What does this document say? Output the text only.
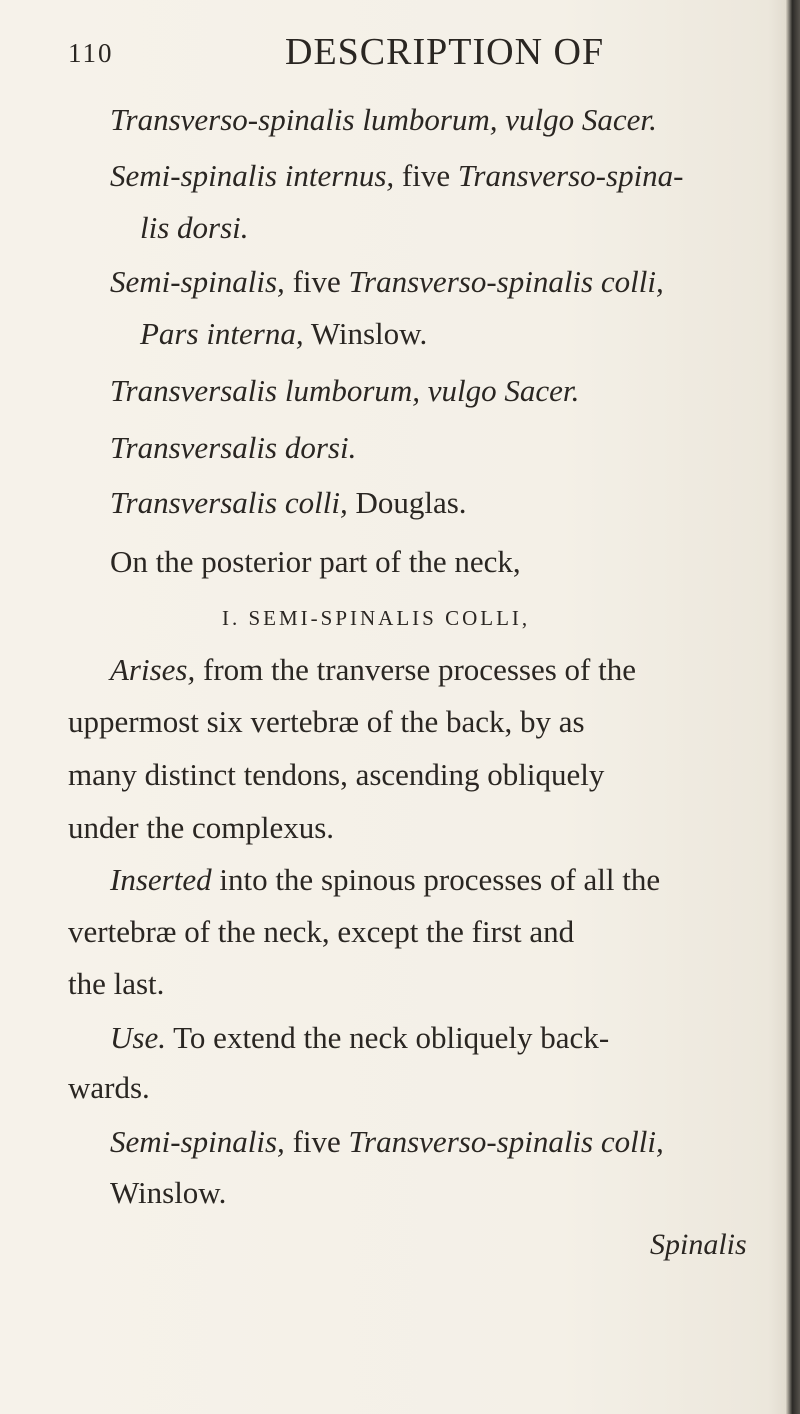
110	DESCRIPTION OF
Transverso-spinalis lumborum, vulgo Sacer.
Semi-spinalis internus, five Transverso-spina-
lis dorsi.
Semi-spinalis, five Transverso-spinalis colli,
Pars interna, Winslow.
Transversalis lumborum, vulgo Sacer.
Transversalis dorsi.
Transversalis colli, Douglas.
On the posterior part of the neck,
I. SEMI-SPINALIS COLLI,
Arises, from the tranverse processes of the
uppermost six vertebræ of the back, by as
many distinct tendons, ascending obliquely
under the complexus.
Inserted into the spinous processes of all the
vertebræ of the neck, except the first and
the last.
Use. To extend the neck obliquely back-
wards.
Semi-spinalis, five Transverso-spinalis colli,
Winslow.
Spinalis
